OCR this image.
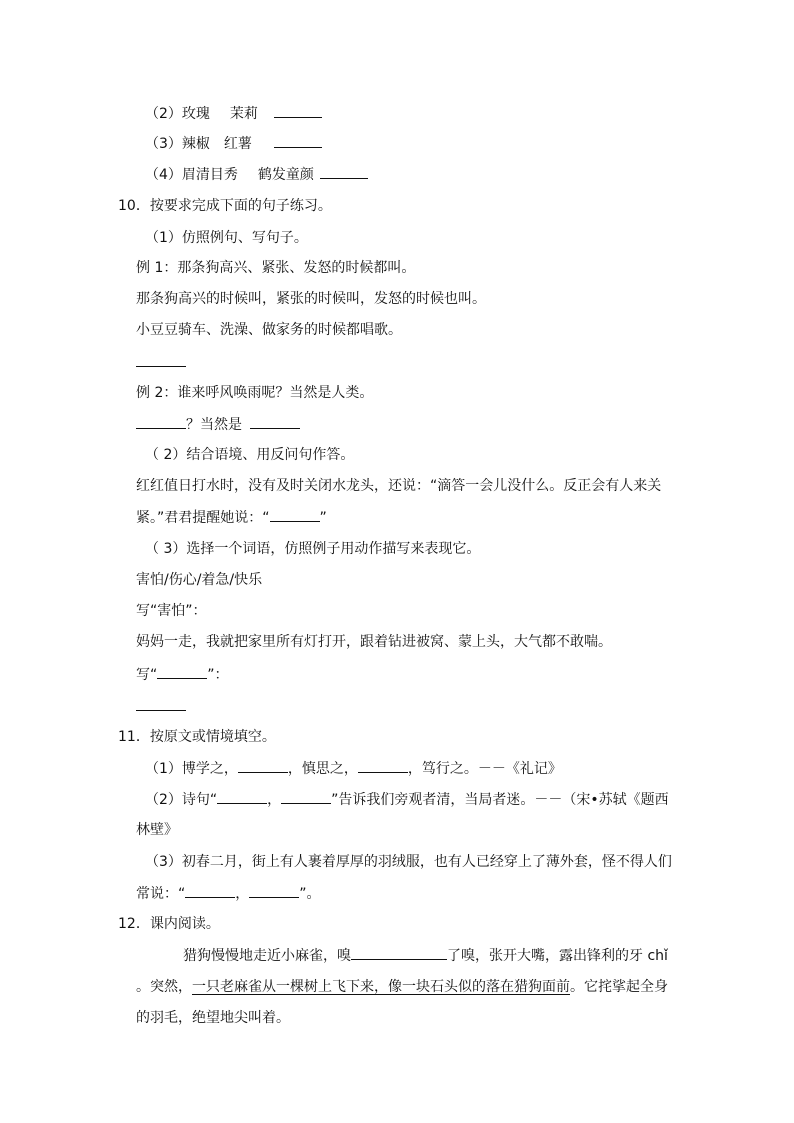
（2）玫瑰 茉莉
（3）辣椒 红薯
（4）眉清目秀 鹤发童颜
10．按要求完成下面的句子练习。
（1）仿照例句、写句子。
例 1：那条狗高兴、紧张、发怒的时候都叫。
那条狗高兴的时候叫，紧张的时候叫，发怒的时候也叫。
小豆豆骑车、洗澡、做家务的时候都唱歌。
例 2：谁来呼风唤雨呢？当然是人类。
？当然是
（ 2）结合语境、用反问句作答。
红红值日打水时，没有及时关闭水龙头，还说：“滴答一会儿没什么。反正会有人来关
紧。”君君提醒她说：“	”
（ 3）选择一个词语，仿照例子用动作描写来表现它。
害怕/伤心/着急/快乐
写“害怕”：
妈妈一走，我就把家里所有灯打开，跟着钻进被窝、蒙上头，大气都不敢喘。
写“	”：
11．按原文或情境填空。
（1）博学之，	，慎思之，	，笃行之。－－《礼记》
（2）诗句“	，	”告诉我们旁观者清，当局者迷。－－（宋•苏轼《题西
林壁》
（3）初春二月，街上有人裹着厚厚的羽绒服，也有人已经穿上了薄外套，怪不得人们
常说：“	，	”。
12．课内阅读。
猎狗慢慢地走近小麻雀，嗅	了嗅，张开大嘴，露出锋利的牙 chǐ
。突然，一只老麻雀从一棵树上飞下来，像一块石头似的落在猎狗面前。它挓挲起全身
的羽毛，绝望地尖叫着。
